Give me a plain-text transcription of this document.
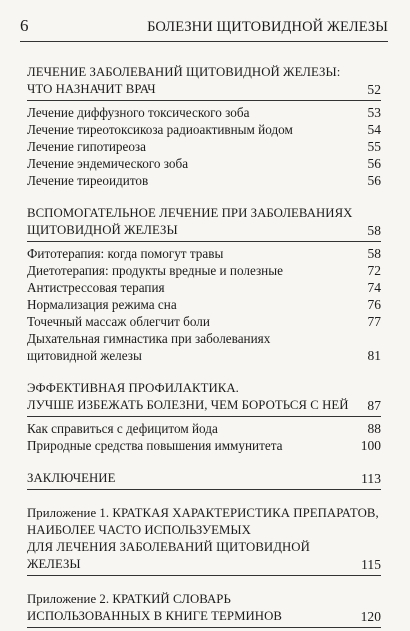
6	БОЛЕЗНИ ЩИТОВИДНОЙ ЖЕЛЕЗЫ
ЛЕЧЕНИЕ ЗАБОЛЕВАНИЙ ЩИТОВИДНОЙ ЖЕЛЕЗЫ:
ЧТО НАЗНАЧИТ ВРАЧ	52
Лечение диффузного токсического зоба	53
Лечение тиреотоксикоза радиоактивным йодом	54
Лечение гипотиреоза	55
Лечение эндемического зоба	56
Лечение тиреоидитов	56
ВСПОМОГАТЕЛЬНОЕ ЛЕЧЕНИЕ ПРИ ЗАБОЛЕВАНИЯХ
ЩИТОВИДНОЙ ЖЕЛЕЗЫ	58
Фитотерапия: когда помогут травы	58
Диетотерапия: продукты вредные и полезные	72
Антистрессовая терапия	74
Нормализация режима сна	76
Точечный массаж облегчит боли	77
Дыхательная гимнастика при заболеваниях
щитовидной железы	81
ЭФФЕКТИВНАЯ ПРОФИЛАКТИКА.
ЛУЧШЕ ИЗБЕЖАТЬ БОЛЕЗНИ, ЧЕМ БОРОТЬСЯ С НЕЙ	87
Как справиться с дефицитом йода	88
Природные средства повышения иммунитета	100
ЗАКЛЮЧЕНИЕ	113
Приложение 1. КРАТКАЯ ХАРАКТЕРИСТИКА ПРЕПАРАТОВ,
НАИБОЛЕЕ ЧАСТО ИСПОЛЬЗУЕМЫХ
ДЛЯ ЛЕЧЕНИЯ ЗАБОЛЕВАНИЙ ЩИТОВИДНОЙ ЖЕЛЕЗЫ	115
Приложение 2. КРАТКИЙ СЛОВАРЬ
ИСПОЛЬЗОВАННЫХ В КНИГЕ ТЕРМИНОВ	120
